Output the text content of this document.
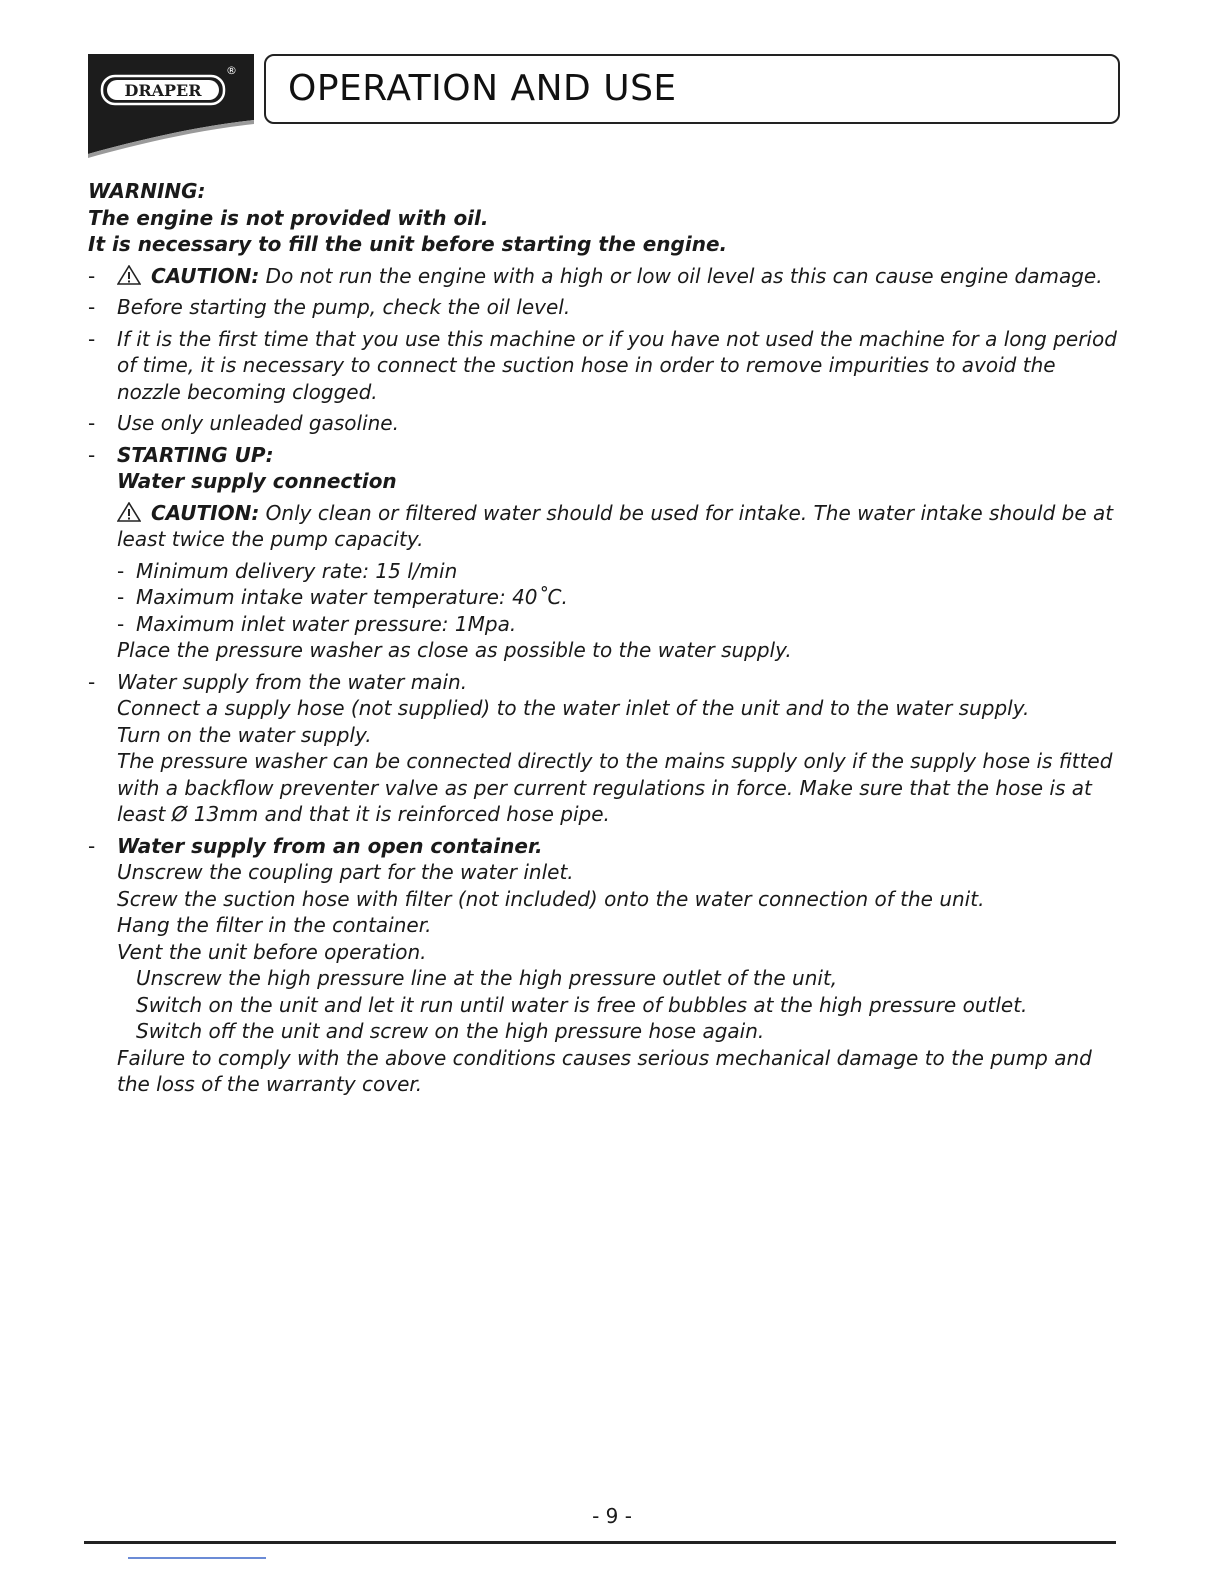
DRAPER
® OPERATION AND USE

WARNING:

The engine is not provided with oil.

It is necessary to fill the unit before starting the engine.

-	CAUTION: Do not run the engine with a high or low oil level as this can cause engine damage.
- Before starting the pump, check the oil level.
- If it is the first time that you use this machine or if you have not used the machine for a long period of time, it is necessary to connect the suction hose in order to remove impurities to avoid the nozzle becoming clogged.
- Use only unleaded gasoline.
- STARTING UP:

Water supply connection

CAUTION: Only clean or filtered water should be used for intake. The water intake should be at least twice the pump capacity.
- Minimum delivery rate: 15 l/min
- Maximum intake water temperature: 40˚C.
- Maximum inlet water pressure: 1Mpa.

Place the pressure washer as close as possible to the water supply.

- Water supply from the water main.

Connect a supply hose (not supplied) to the water inlet of the unit and to the water supply.

Turn on the water supply.

The pressure washer can be connected directly to the mains supply only if the supply hose is fitted with a backflow preventer valve as per current regulations in force. Make sure that the hose is at least Ø 13mm and that it is reinforced hose pipe.

- Water supply from an open container.

Unscrew the coupling part for the water inlet.

Screw the suction hose with filter (not included) onto the water connection of the unit.

Hang the filter in the container.

Vent the unit before operation.

Unscrew the high pressure line at the high pressure outlet of the unit,

Switch on the unit and let it run until water is free of bubbles at the high pressure outlet.

Switch off the unit and screw on the high pressure hose again.

Failure to comply with the above conditions causes serious mechanical damage to the pump and the loss of the warranty cover.

- 9 -
